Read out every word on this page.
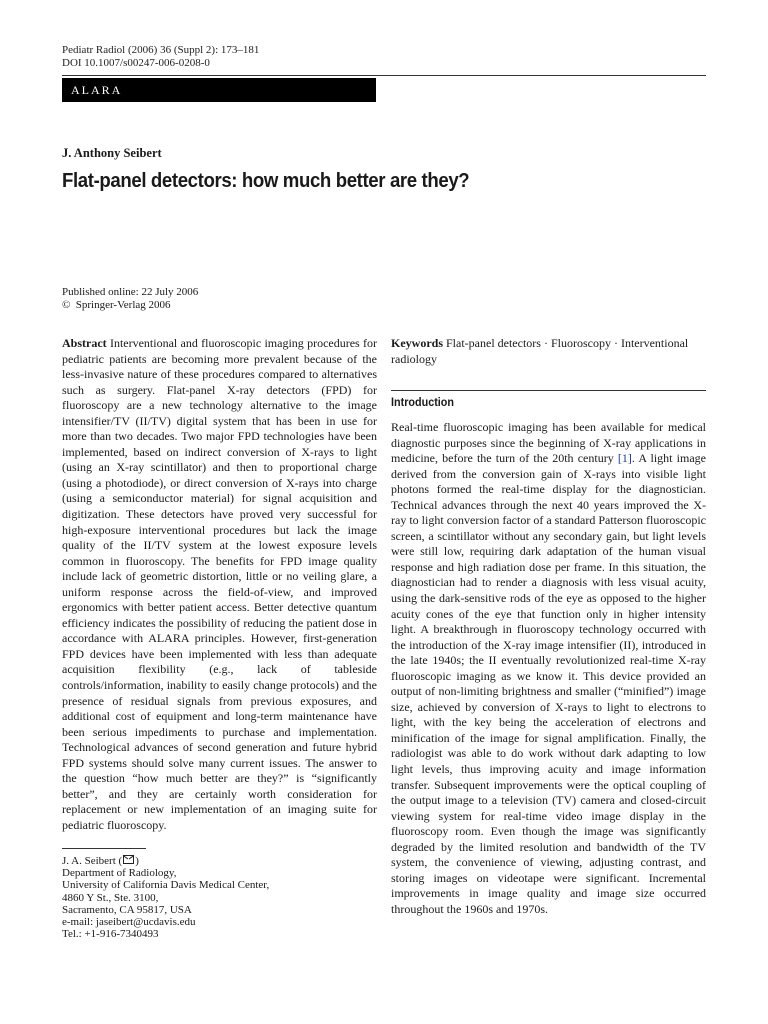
Pediatr Radiol (2006) 36 (Suppl 2): 173–181
DOI 10.1007/s00247-006-0208-0
ALARA
J. Anthony Seibert
Flat-panel detectors: how much better are they?
Published online: 22 July 2006
© Springer-Verlag 2006
Abstract Interventional and fluoroscopic imaging procedures for pediatric patients are becoming more prevalent because of the less-invasive nature of these procedures compared to alternatives such as surgery. Flat-panel X-ray detectors (FPD) for fluoroscopy are a new technology alternative to the image intensifier/TV (II/TV) digital system that has been in use for more than two decades. Two major FPD technologies have been implemented, based on indirect conversion of X-rays to light (using an X-ray scintillator) and then to proportional charge (using a photodiode), or direct conversion of X-rays into charge (using a semiconductor material) for signal acquisition and digitization. These detectors have proved very successful for high-exposure interventional procedures but lack the image quality of the II/TV system at the lowest exposure levels common in fluoroscopy. The benefits for FPD image quality include lack of geometric distortion, little or no veiling glare, a uniform response across the field-of-view, and improved ergonomics with better patient access. Better detective quantum efficiency indicates the possibility of reducing the patient dose in accordance with ALARA principles. However, first-generation FPD devices have been implemented with less than adequate acquisition flexibility (e.g., lack of tableside controls/information, inability to easily change protocols) and the presence of residual signals from previous exposures, and additional cost of equipment and long-term maintenance have been serious impediments to purchase and implementation. Technological advances of second generation and future hybrid FPD systems should solve many current issues. The answer to the question “how much better are they?” is “significantly better”, and they are certainly worth consideration for replacement or new implementation of an imaging suite for pediatric fluoroscopy.
Keywords Flat-panel detectors · Fluoroscopy · Interventional radiology
Introduction
Real-time fluoroscopic imaging has been available for medical diagnostic purposes since the beginning of X-ray applications in medicine, before the turn of the 20th century [1]. A light image derived from the conversion gain of X-rays into visible light photons formed the real-time display for the diagnostician. Technical advances through the next 40 years improved the X-ray to light conversion factor of a standard Patterson fluoroscopic screen, a scintillator without any secondary gain, but light levels were still low, requiring dark adaptation of the human visual response and high radiation dose per frame. In this situation, the diagnostician had to render a diagnosis with less visual acuity, using the dark-sensitive rods of the eye as opposed to the higher acuity cones of the eye that function only in higher intensity light. A breakthrough in fluoroscopy technology occurred with the introduction of the X-ray image intensifier (II), introduced in the late 1940s; the II eventually revolutionized real-time X-ray fluoroscopic imaging as we know it. This device provided an output of non-limiting brightness and smaller (“minified”) image size, achieved by conversion of X-rays to light to electrons to light, with the key being the acceleration of electrons and minification of the image for signal amplification. Finally, the radiologist was able to do work without dark adapting to low light levels, thus improving acuity and image information transfer. Subsequent improvements were the optical coupling of the output image to a television (TV) camera and closed-circuit viewing system for real-time video image display in the fluoroscopy room. Even though the image was significantly degraded by the limited resolution and bandwidth of the TV system, the convenience of viewing, adjusting contrast, and storing images on videotape were significant. Incremental improvements in image quality and image size occurred throughout the 1960s and 1970s.
J. A. Seibert ( )
Department of Radiology,
University of California Davis Medical Center,
4860 Y St., Ste. 3100,
Sacramento, CA 95817, USA
e-mail: jaseibert@ucdavis.edu
Tel.: +1-916-7340493
